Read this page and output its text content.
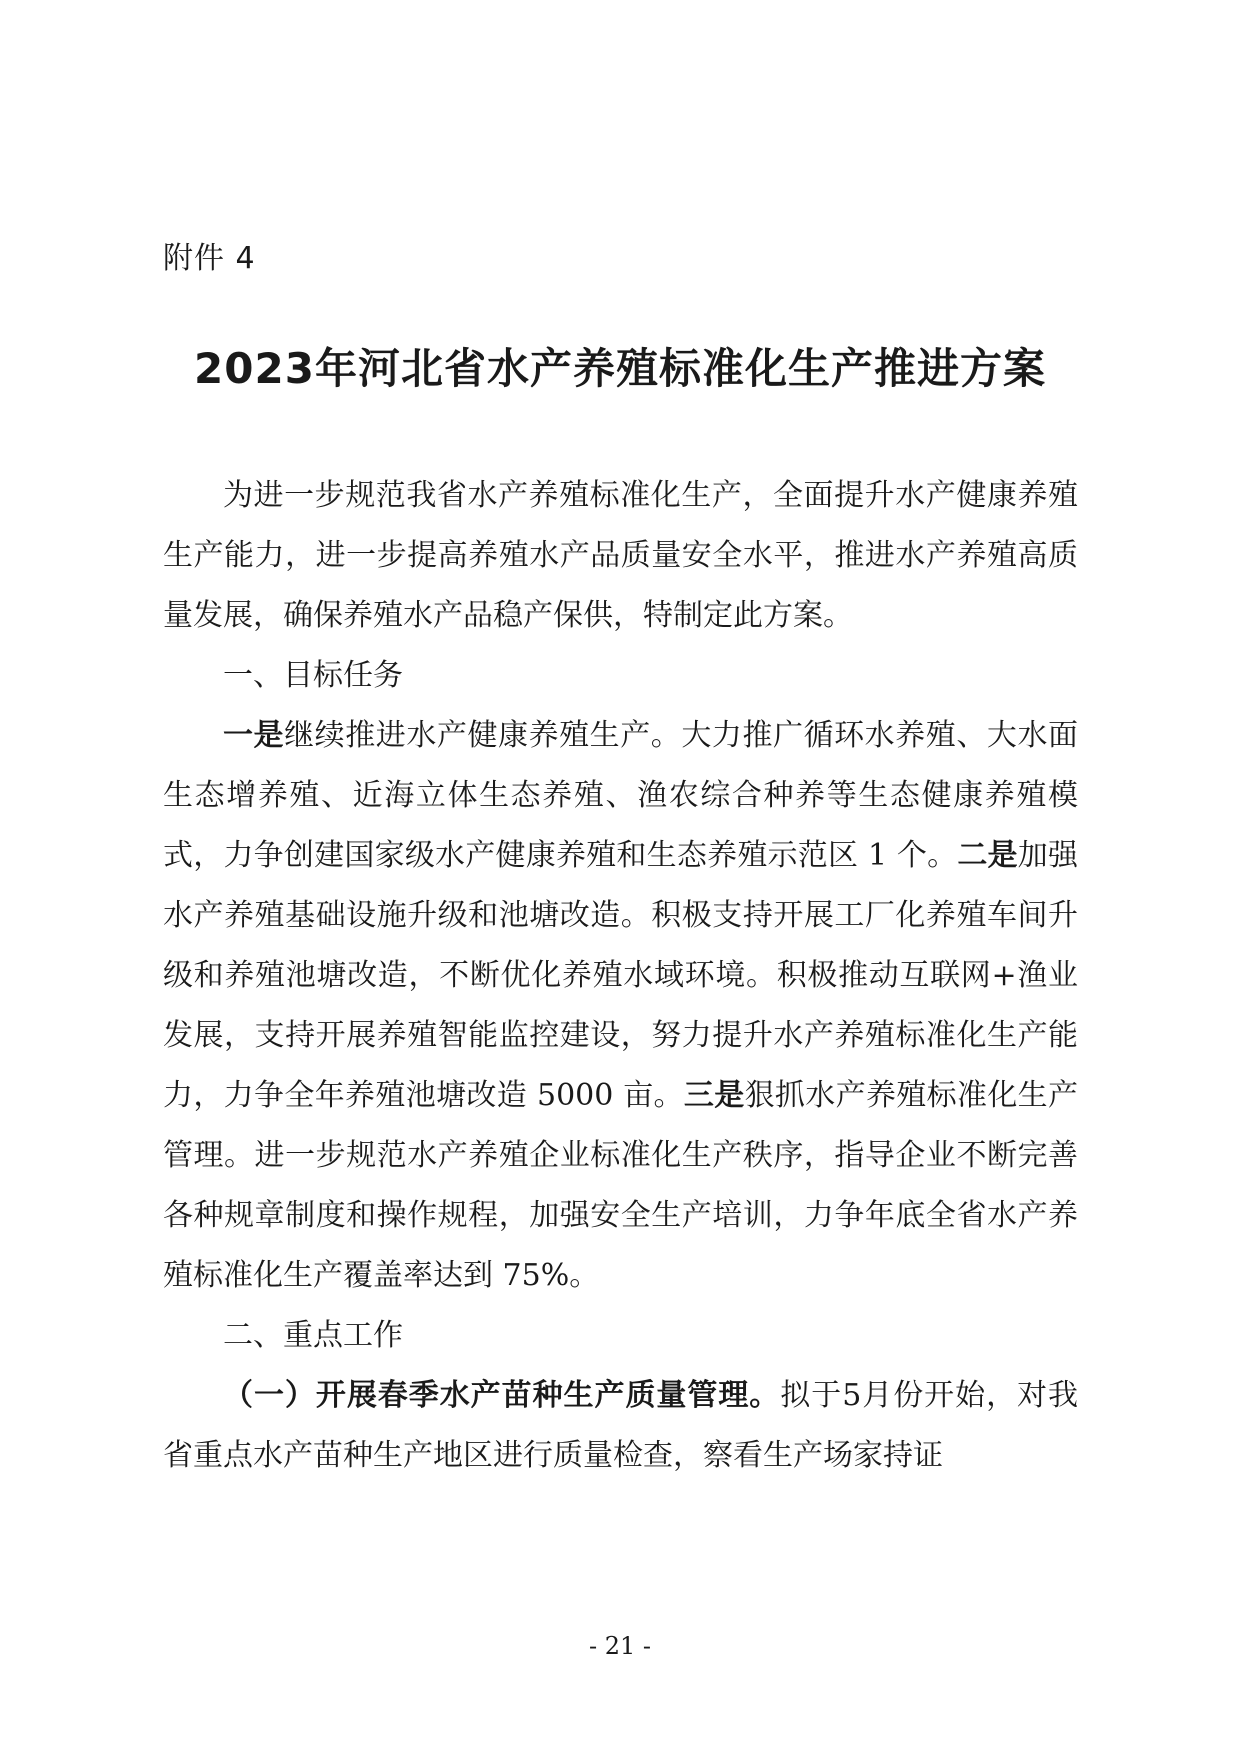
附件 4
2023年河北省水产养殖标准化生产推进方案

为进一步规范我省水产养殖标准化生产，全面提升水产健康养殖生产能力，进一步提高养殖水产品质量安全水平，推进水产养殖高质量发展，确保养殖水产品稳产保供，特制定此方案。

一、目标任务

一是继续推进水产健康养殖生产。大力推广循环水养殖、大水面生态增养殖、近海立体生态养殖、渔农综合种养等生态健康养殖模式，力争创建国家级水产健康养殖和生态养殖示范区 1 个。二是加强水产养殖基础设施升级和池塘改造。积极支持开展工厂化养殖车间升级和养殖池塘改造，不断优化养殖水域环境。积极推动互联网+渔业发展，支持开展养殖智能监控建设，努力提升水产养殖标准化生产能力，力争全年养殖池塘改造 5000 亩。三是狠抓水产养殖标准化生产管理。进一步规范水产养殖企业标准化生产秩序，指导企业不断完善各种规章制度和操作规程，加强安全生产培训，力争年底全省水产养殖标准化生产覆盖率达到 75%。

二、重点工作

（一）开展春季水产苗种生产质量管理。拟于5月份开始，对我省重点水产苗种生产地区进行质量检查，察看生产场家持证

- 21 -
